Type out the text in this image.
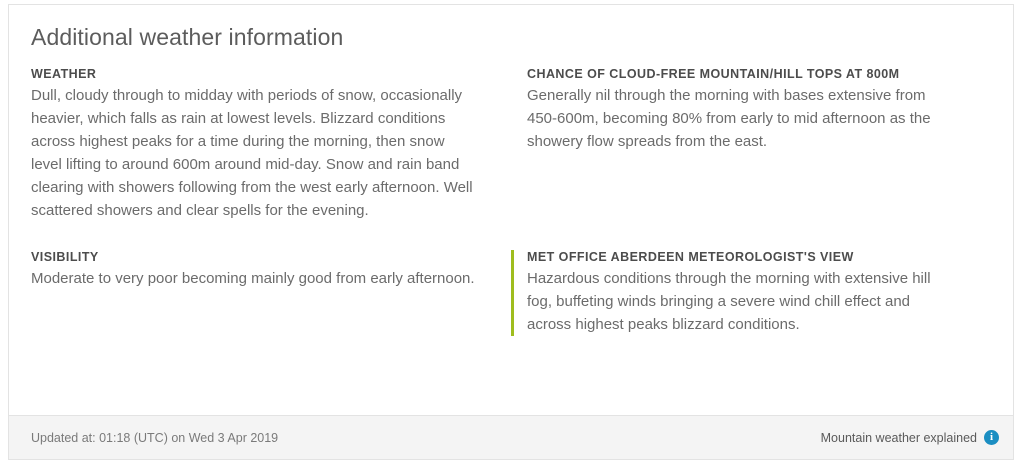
Additional weather information
WEATHER
Dull, cloudy through to midday with periods of snow, occasionally heavier, which falls as rain at lowest levels. Blizzard conditions across highest peaks for a time during the morning, then snow level lifting to around 600m around mid-day. Snow and rain band clearing with showers following from the west early afternoon. Well scattered showers and clear spells for the evening.
CHANCE OF CLOUD-FREE MOUNTAIN/HILL TOPS AT 800M
Generally nil through the morning with bases extensive from 450-600m, becoming 80% from early to mid afternoon as the showery flow spreads from the east.
VISIBILITY
Moderate to very poor becoming mainly good from early afternoon.
MET OFFICE ABERDEEN METEOROLOGIST'S VIEW
Hazardous conditions through the morning with extensive hill fog, buffeting winds bringing a severe wind chill effect and across highest peaks blizzard conditions.
Updated at: 01:18 (UTC) on Wed 3 Apr 2019	Mountain weather explained	i
